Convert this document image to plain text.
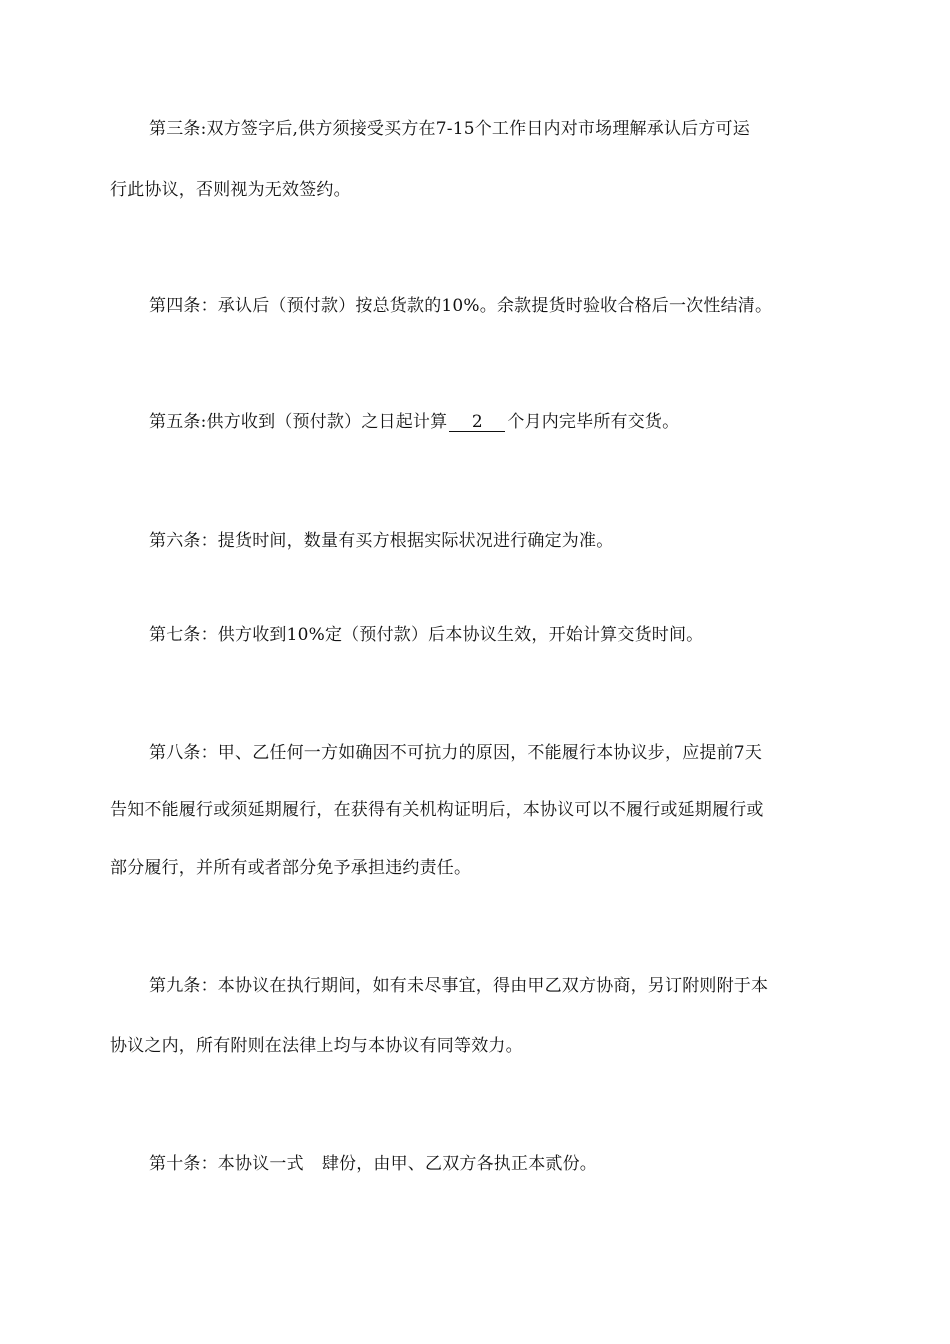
第三条:双方签字后,供方须接受买方在7-15个工作日内对市场理解承认后方可运
行此协议，否则视为无效签约。
第四条：承认后（预付款）按总货款的10%。余款提货时验收合格后一次性结清。
第五条:供方收到（预付款）之日起计算 2 个月内完毕所有交货。
第六条：提货时间，数量有买方根据实际状况进行确定为准。
第七条：供方收到10%定（预付款）后本协议生效，开始计算交货时间。
第八条：甲、乙任何一方如确因不可抗力的原因，不能履行本协议步，应提前7天
告知不能履行或须延期履行，在获得有关机构证明后，本协议可以不履行或延期履行或
部分履行，并所有或者部分免予承担违约责任。
第九条：本协议在执行期间，如有未尽事宜，得由甲乙双方协商，另订附则附于本
协议之内，所有附则在法律上均与本协议有同等效力。
第十条：本协议一式 肆份，由甲、乙双方各执正本贰份。
